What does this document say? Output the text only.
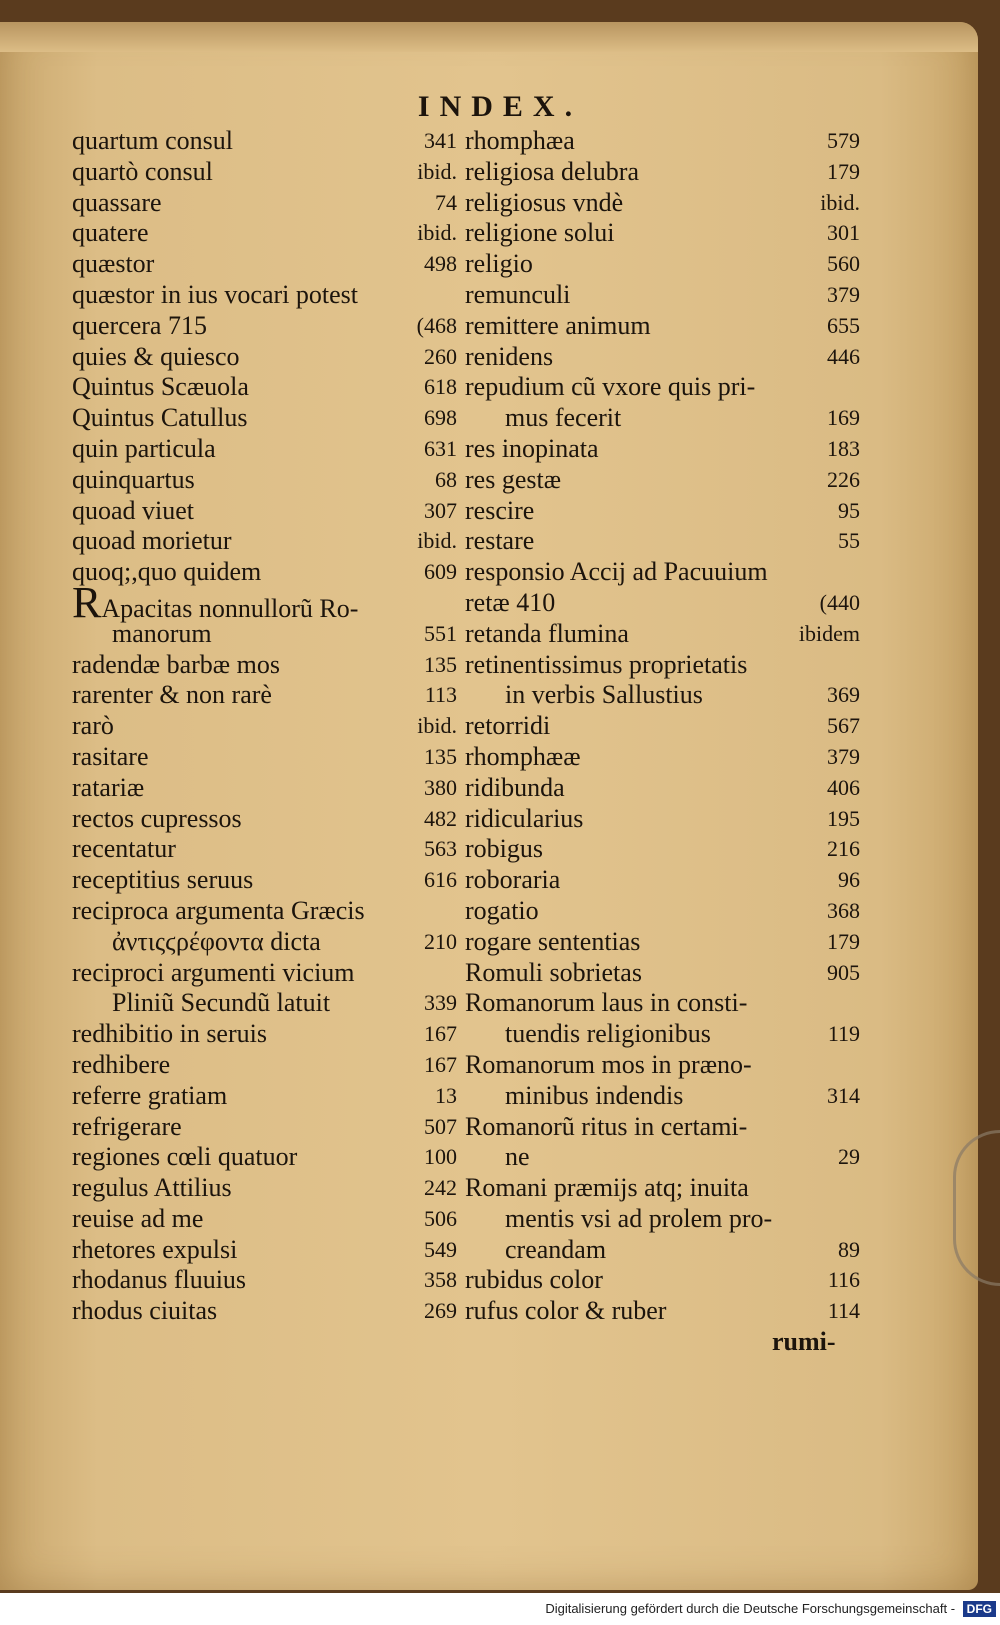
INDEX.
quartum consul	341
quartò consul	ibid.
quassare	74
quatere	ibid.
quæstor	498
quæstor in ius vocari potest
quercera 715	(468
quies & quiesco	260
Quintus Scæuola	618
Quintus Catullus	698
quin particula	631
quinquartus	68
quoad viuet	307
quoad morietur	ibid.
quoq;,quo quidem	609
RApacitas nonnullorũ Ro-
manorum	551
radendæ barbæ mos	135
rarenter & non rarè	113
rarò	ibid.
rasitare	135
ratariæ	380
rectos cupressos	482
recentatur	563
receptitius seruus	616
reciproca argumenta Græcis
ἀντιςϛρέφοντα dicta	210
reciproci argumenti vicium
Pliniũ Secundũ latuit	339
redhibitio in seruis	167
redhibere	167
referre gratiam	13
refrigerare	507
regiones cœli quatuor	100
regulus Attilius	242
reuise ad me	506
rhetores expulsi	549
rhodanus fluuius	358
rhodus ciuitas	269
rhomphæa	579
religiosa delubra	179
religiosus vndè	ibid.
religione solui	301
religio	560
remunculi	379
remittere animum	655
renidens	446
repudium cũ vxore quis pri-
mus fecerit	169
res inopinata	183
res gestæ	226
rescire	95
restare	55
responsio Accij ad Pacuuium
retæ 410	(440
retanda flumina	ibidem
retinentissimus proprietatis
in verbis Sallustius	369
retorridi	567
rhomphææ	379
ridibunda	406
ridicularius	195
robigus	216
roboraria	96
rogatio	368
rogare sententias	179
Romuli sobrietas	905
Romanorum laus in consti-
tuendis religionibus	119
Romanorum mos in præno-
minibus indendis	314
Romanorũ ritus in certami-
ne	29
Romani præmijs atq; inuita
mentis vsi ad prolem pro-
creandam	89
rubidus color	116
rufus color & ruber	114
rumi-
Digitalisierung gefördert durch die Deutsche Forschungsgemeinschaft - DFG
